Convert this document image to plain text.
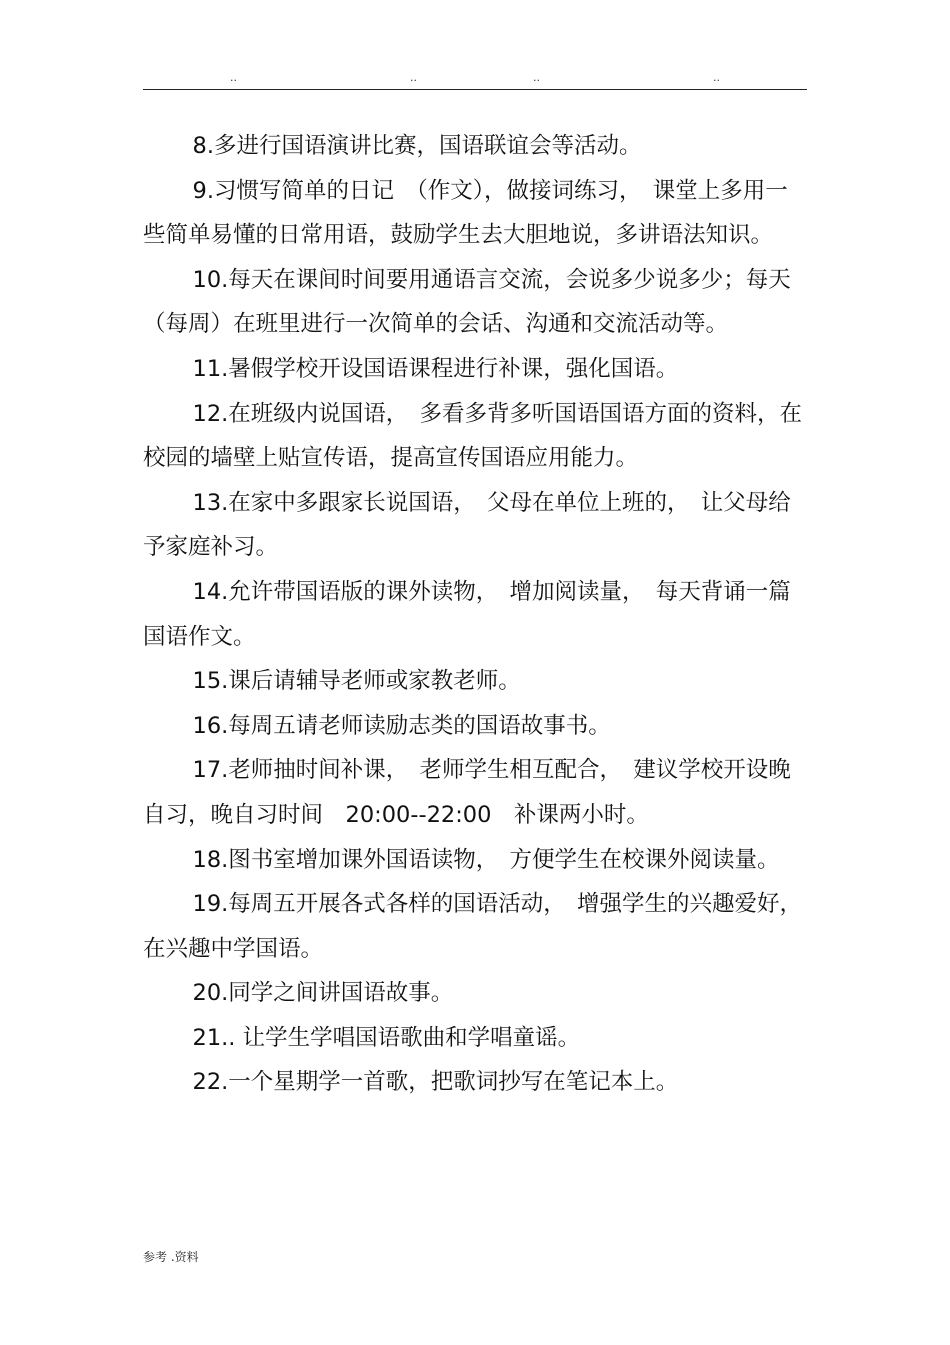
..	..	..	..

8.多进行国语演讲比赛，国语联谊会等活动。

9.习惯写简单的日记　（作文），做接词练习，　课堂上多用一些简单易懂的日常用语，鼓励学生去大胆地说，多讲语法知识。

10.每天在课间时间要用通语言交流，会说多少说多少；每天（每周）在班里进行一次简单的会话、沟通和交流活动等。

11.暑假学校开设国语课程进行补课，强化国语。

12.在班级内说国语，　多看多背多听国语国语方面的资料，在校园的墙壁上贴宣传语，提高宣传国语应用能力。

13.在家中多跟家长说国语，　父母在单位上班的，　让父母给予家庭补习。

14.允许带国语版的课外读物，　增加阅读量，　每天背诵一篇国语作文。

15.课后请辅导老师或家教老师。

16.每周五请老师读励志类的国语故事书。

17.老师抽时间补课，　老师学生相互配合，　建议学校开设晚自习，晚自习时间　20:00--22:00　补课两小时。

18.图书室增加课外国语读物，　方便学生在校课外阅读量。

19.每周五开展各式各样的国语活动，　增强学生的兴趣爱好，在兴趣中学国语。

20.同学之间讲国语故事。

21.. 让学生学唱国语歌曲和学唱童谣。

22.一个星期学一首歌，把歌词抄写在笔记本上。

参考 .资料
